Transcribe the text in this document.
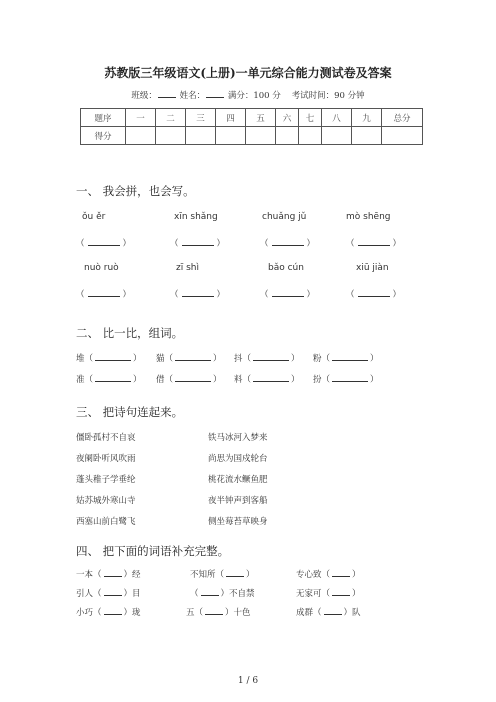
苏教版三年级语文(上册)一单元综合能力测试卷及答案
班级：	姓名：	满分：100 分 考试时间：90 分钟
题序	一	二	三	四	五	六	七	八	九	总分
得分										
一、 我会拼，也会写。
ǒu ěr	xīn shǎng	chuǎng jǔ	mò shēng
（	）	（	）	（	）	（	）
nuò ruò	zī shì	bǎo cún	xiū jiàn
（	）	（	）	（	）	（	）
二、 比一比，组词。
堆（	） 猫（	） 抖（	） 粉（	）
准（	） 借（	） 料（	） 扮（	）
三、 把诗句连起来。
僵卧孤村不自哀
夜阑卧听风吹雨
蓬头稚子学垂纶
姑苏城外寒山寺
西塞山前白鹭飞
铁马冰河入梦来
尚思为国戍轮台
桃花流水鳜鱼肥
夜半钟声到客船
侧坐莓苔草映身
四、 把下面的词语补充完整。
一本（	）经	不知所（	）	专心致（	）
引人（	）目	（	）不自禁	无家可（	）
小巧（	）珑	五（	）十色	成群（	）队
1 / 6
